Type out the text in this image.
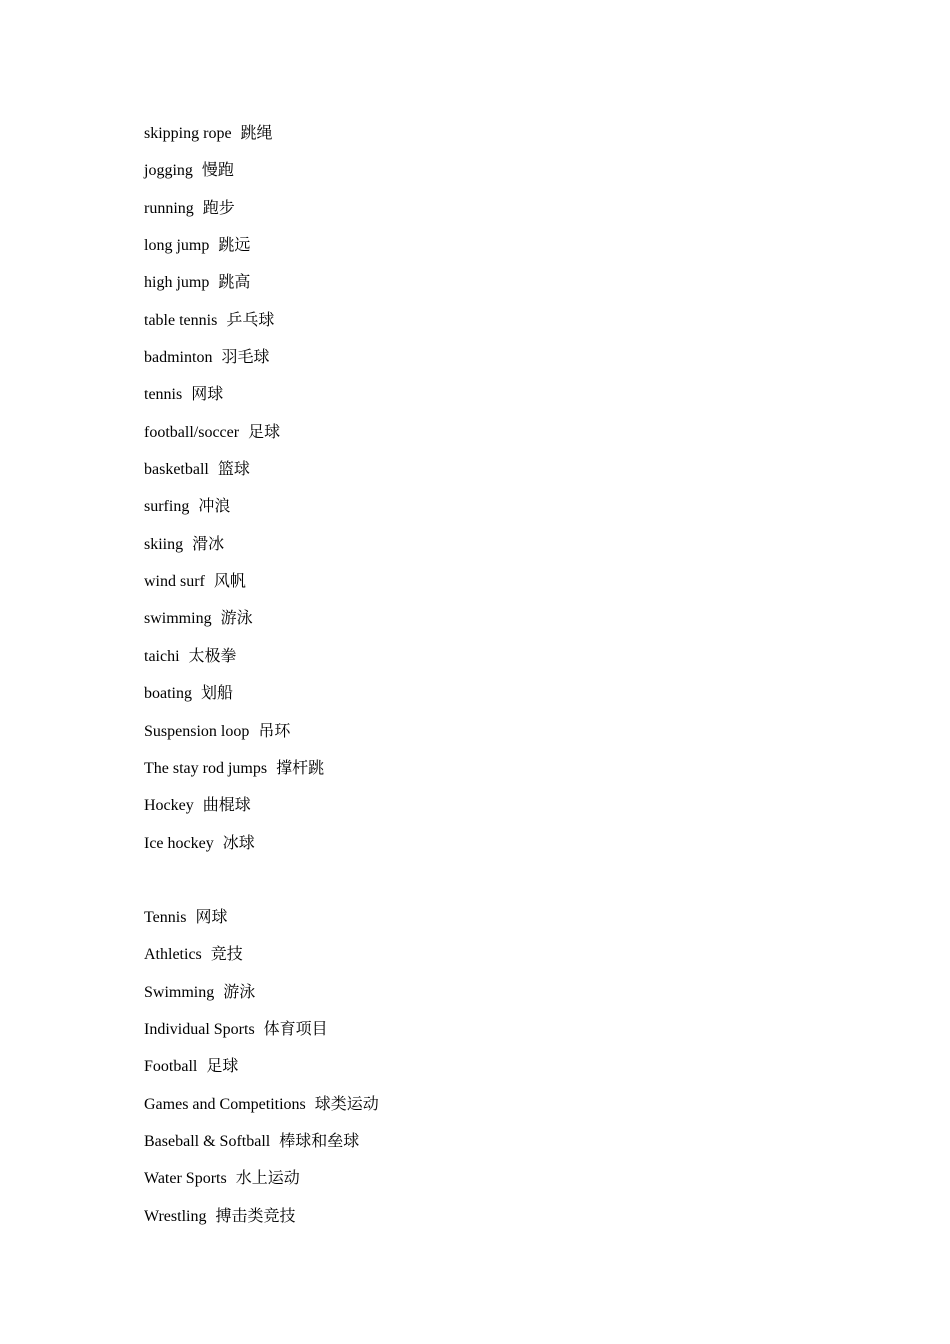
skipping rope 跳绳
jogging 慢跑
running 跑步
long jump 跳远
high jump 跳高
table tennis 乒乓球
badminton 羽毛球
tennis 网球
football/soccer 足球
basketball 篮球
surfing 冲浪
skiing 滑冰
wind surf 风帆
swimming 游泳
taichi 太极拳
boating 划船
Suspension loop 吊环
The stay rod jumps 撑杆跳
Hockey 曲棍球
Ice hockey 冰球
Tennis 网球
Athletics 竞技
Swimming 游泳
Individual Sports 体育项目
Football 足球
Games and Competitions 球类运动
Baseball & Softball 棒球和垒球
Water Sports 水上运动
Wrestling 搏击类竞技
